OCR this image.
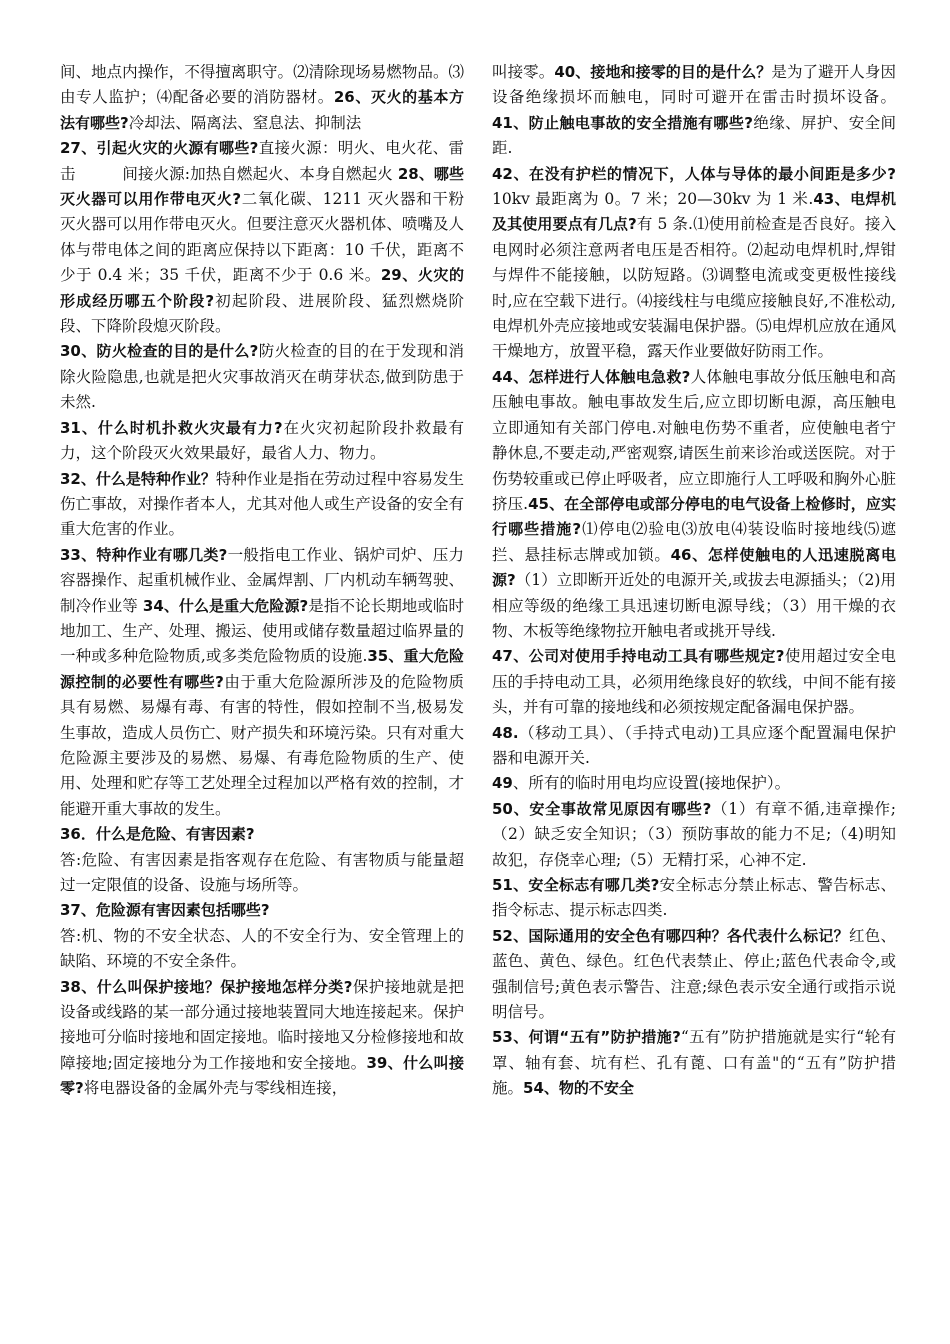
间、地点内操作，不得擅离职守。⑵清除现场易燃物品。⑶由专人监护；⑷配备必要的消防器材。26、灭火的基本方法有哪些?冷却法、隔离法、窒息法、抑制法

27、引起火灾的火源有哪些?直接火源：明火、电火花、雷击　　　间接火源:加热自燃起火、本身自燃起火 28、哪些灭火器可以用作带电灭火?二氧化碳、1211 灭火器和干粉灭火器可以用作带电灭火。但要注意灭火器机体、喷嘴及人体与带电体之间的距离应保持以下距离：10 千伏，距离不少于 0.4 米；35 千伏，距离不少于 0.6 米。29、火灾的形成经历哪五个阶段?初起阶段、进展阶段、猛烈燃烧阶段、下降阶段熄灭阶段。

30、防火检查的目的是什么?防火检查的目的在于发现和消除火险隐患,也就是把火灾事故消灭在萌芽状态,做到防患于未然.

31、什么时机扑救火灾最有力?在火灾初起阶段扑救最有力，这个阶段灭火效果最好，最省人力、物力。

32、什么是特种作业？特种作业是指在劳动过程中容易发生伤亡事故，对操作者本人，尤其对他人或生产设备的安全有重大危害的作业。

33、特种作业有哪几类?一般指电工作业、锅炉司炉、压力容器操作、起重机械作业、金属焊割、厂内机动车辆驾驶、制冷作业等 34、什么是重大危险源?是指不论长期地或临时地加工、生产、处理、搬运、使用或储存数量超过临界量的一种或多种危险物质,或多类危险物质的设施.35、重大危险源控制的必要性有哪些?由于重大危险源所涉及的危险物质具有易燃、易爆有毒、有害的特性，假如控制不当,极易发生事故，造成人员伤亡、财产损失和环境污染。只有对重大危险源主要涉及的易燃、易爆、有毒危险物质的生产、使用、处理和贮存等工艺处理全过程加以严格有效的控制，才能避开重大事故的发生。

36．什么是危险、有害因素?

答:危险、有害因素是指客观存在危险、有害物质与能量超过一定限值的设备、设施与场所等。

37、危险源有害因素包括哪些?

答:机、物的不安全状态、人的不安全行为、安全管理上的缺陷、环境的不安全条件。

38、什么叫保护接地？保护接地怎样分类?保护接地就是把设备或线路的某一部分通过接地装置同大地连接起来。保护接地可分临时接地和固定接地。临时接地又分检修接地和故障接地;固定接地分为工作接地和安全接地。39、什么叫接零?将电器设备的金属外壳与零线相连接，

叫接零。40、接地和接零的目的是什么？是为了避开人身因设备绝缘损坏而触电，同时可避开在雷击时损坏设备。41、防止触电事故的安全措施有哪些?绝缘、屏护、安全间距.

42、在没有护栏的情况下，人体与导体的最小间距是多少?10kv 最距离为 0。7 米；20—30kv 为 1 米.43、电焊机及其使用要点有几点?有 5 条.⑴使用前检查是否良好。接入电网时必须注意两者电压是否相符。⑵起动电焊机时,焊钳与焊件不能接触，以防短路。⑶调整电流或变更极性接线时,应在空载下进行。⑷接线柱与电缆应接触良好,不准松动,电焊机外壳应接地或安装漏电保护器。⑸电焊机应放在通风干燥地方，放置平稳，露天作业要做好防雨工作。

44、怎样进行人体触电急救?人体触电事故分低压触电和高压触电事故。触电事故发生后,应立即切断电源，高压触电立即通知有关部门停电.对触电伤势不重者，应使触电者宁静休息,不要走动,严密观察,请医生前来诊治或送医院。对于伤势较重或已停止呼吸者，应立即施行人工呼吸和胸外心脏挤压.45、在全部停电或部分停电的电气设备上检修时，应实行哪些措施?⑴停电⑵验电⑶放电⑷装设临时接地线⑸遮拦、悬挂标志牌或加锁。46、怎样使触电的人迅速脱离电源?（1）立即断开近处的电源开关,或拔去电源插头；（2)用相应等级的绝缘工具迅速切断电源导线；（3）用干燥的衣物、木板等绝缘物拉开触电者或挑开导线.

47、公司对使用手持电动工具有哪些规定?使用超过安全电压的手持电动工具，必须用绝缘良好的软线，中间不能有接头，并有可靠的接地线和必须按规定配备漏电保护器。

48.（移动工具）、（手持式电动)工具应逐个配置漏电保护器和电源开关.

49、所有的临时用电均应设置(接地保护）。

50、安全事故常见原因有哪些?（1）有章不循,违章操作;（2）缺乏安全知识；（3）预防事故的能力不足;（4)明知故犯，存侥幸心理;（5）无精打采，心神不定.

51、安全标志有哪几类?安全标志分禁止标志、警告标志、指令标志、提示标志四类.

52、国际通用的安全色有哪四种？各代表什么标记？红色、蓝色、黄色、绿色。红色代表禁止、停止;蓝色代表命令,或强制信号;黄色表示警告、注意;绿色表示安全通行或指示说明信号。

53、何谓“五有”防护措施?“五有”防护措施就是实行“轮有罩、轴有套、坑有栏、孔有蓖、口有盖"的“五有”防护措施。54、物的不安全
